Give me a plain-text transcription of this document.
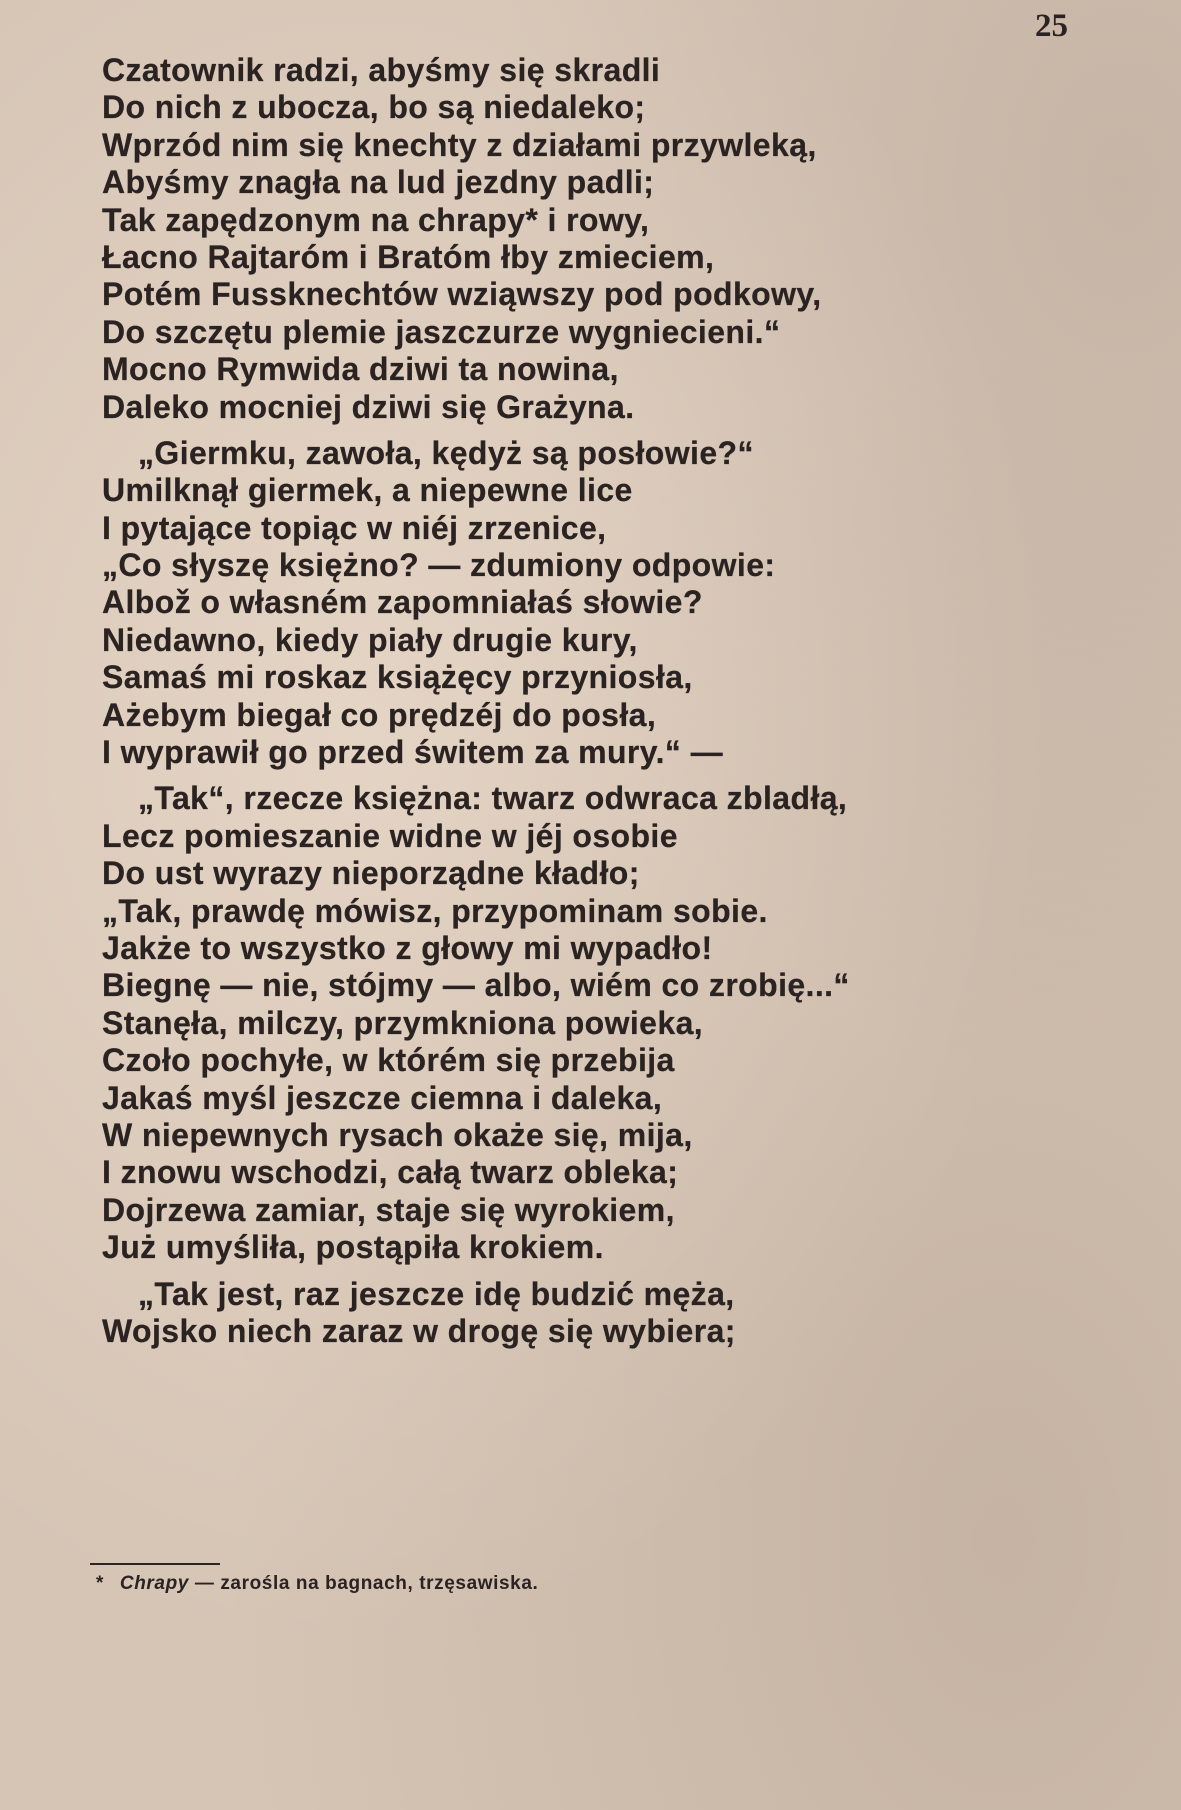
25
Czatownik radzi, abyśmy się skradli
Do nich z ubocza, bo są niedaleko;
Wprzód nim się knechty z działami przywleką,
Abyśmy znagła na lud jezdny padli;
Tak zapędzonym na chrapy* i rowy,
Łacno Rajtaróm i Bratóm łby zmieciem,
Potém Fussknechtów wziąwszy pod podkowy,
Do szczętu plemie jaszczurze wygniecieni.“
Mocno Rymwida dziwi ta nowina,
Daleko mocniej dziwi się Grażyna.
„Giermku, zawoła, kędyż są posłowie?“
Umilknął giermek, a niepewne lice
I pytające topiąc w niéj zrzenice,
„Co słyszę księżno? — zdumiony odpowie:
Albož o własném zapomniałaś słowie?
Niedawno, kiedy piały drugie kury,
Samaś mi roskaz książęcy przyniosła,
Ażebym biegał co prędzéj do posła,
I wyprawił go przed świtem za mury.“ —
„Tak“, rzecze księżna: twarz odwraca zbladłą,
Lecz pomieszanie widne w jéj osobie
Do ust wyrazy nieporządne kładło;
„Tak, prawdę mówisz, przypominam sobie.
Jakże to wszystko z głowy mi wypadło!
Biegnę — nie, stójmy — albo, wiém co zrobię...“
Stanęła, milczy, przymkniona powieka,
Czoło pochyłe, w którém się przebija
Jakaś myśl jeszcze ciemna i daleka,
W niepewnych rysach okaże się, mija,
I znowu wschodzi, całą twarz obleka;
Dojrzewa zamiar, staje się wyrokiem,
Już umyśliła, postąpiła krokiem.
„Tak jest, raz jeszcze idę budzić męża,
Wojsko niech zaraz w drogę się wybiera;
* Chrapy — zarośla na bagnach, trzęsawiska.
